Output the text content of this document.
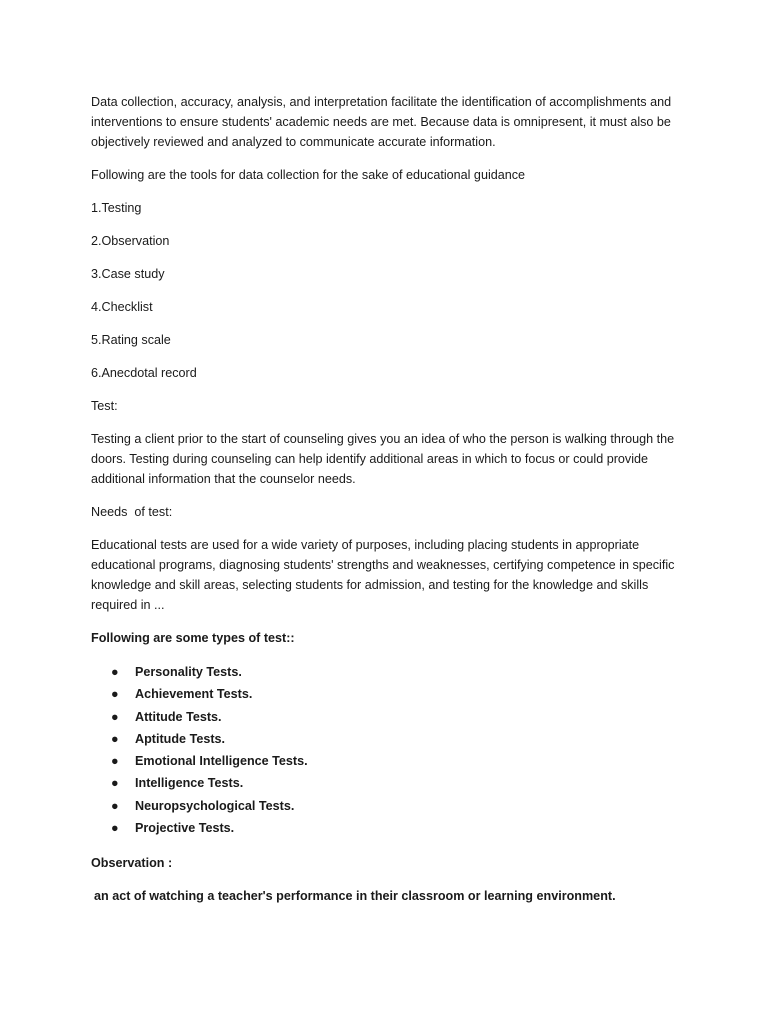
Data collection, accuracy, analysis, and interpretation facilitate the identification of accomplishments and interventions to ensure students' academic needs are met. Because data is omnipresent, it must also be objectively reviewed and analyzed to communicate accurate information.

Following are the tools for data collection for the sake of educational guidance

1.Testing

2.Observation

3.Case study

4.Checklist

5.Rating scale

6.Anecdotal record

Test:

Testing a client prior to the start of counseling gives you an idea of who the person is walking through the doors. Testing during counseling can help identify additional areas in which to focus or could provide additional information that the counselor needs.

Needs  of test:

Educational tests are used for a wide variety of purposes, including placing students in appropriate educational programs, diagnosing students' strengths and weaknesses, certifying competence in specific knowledge and skill areas, selecting students for admission, and testing for the knowledge and skills required in ...

Following are some types of test::

● Personality Tests.
● Achievement Tests.
● Attitude Tests.
● Aptitude Tests.
● Emotional Intelligence Tests.
● Intelligence Tests.
● Neuropsychological Tests.
● Projective Tests.

Observation :

an act of watching a teacher's performance in their classroom or learning environment.
